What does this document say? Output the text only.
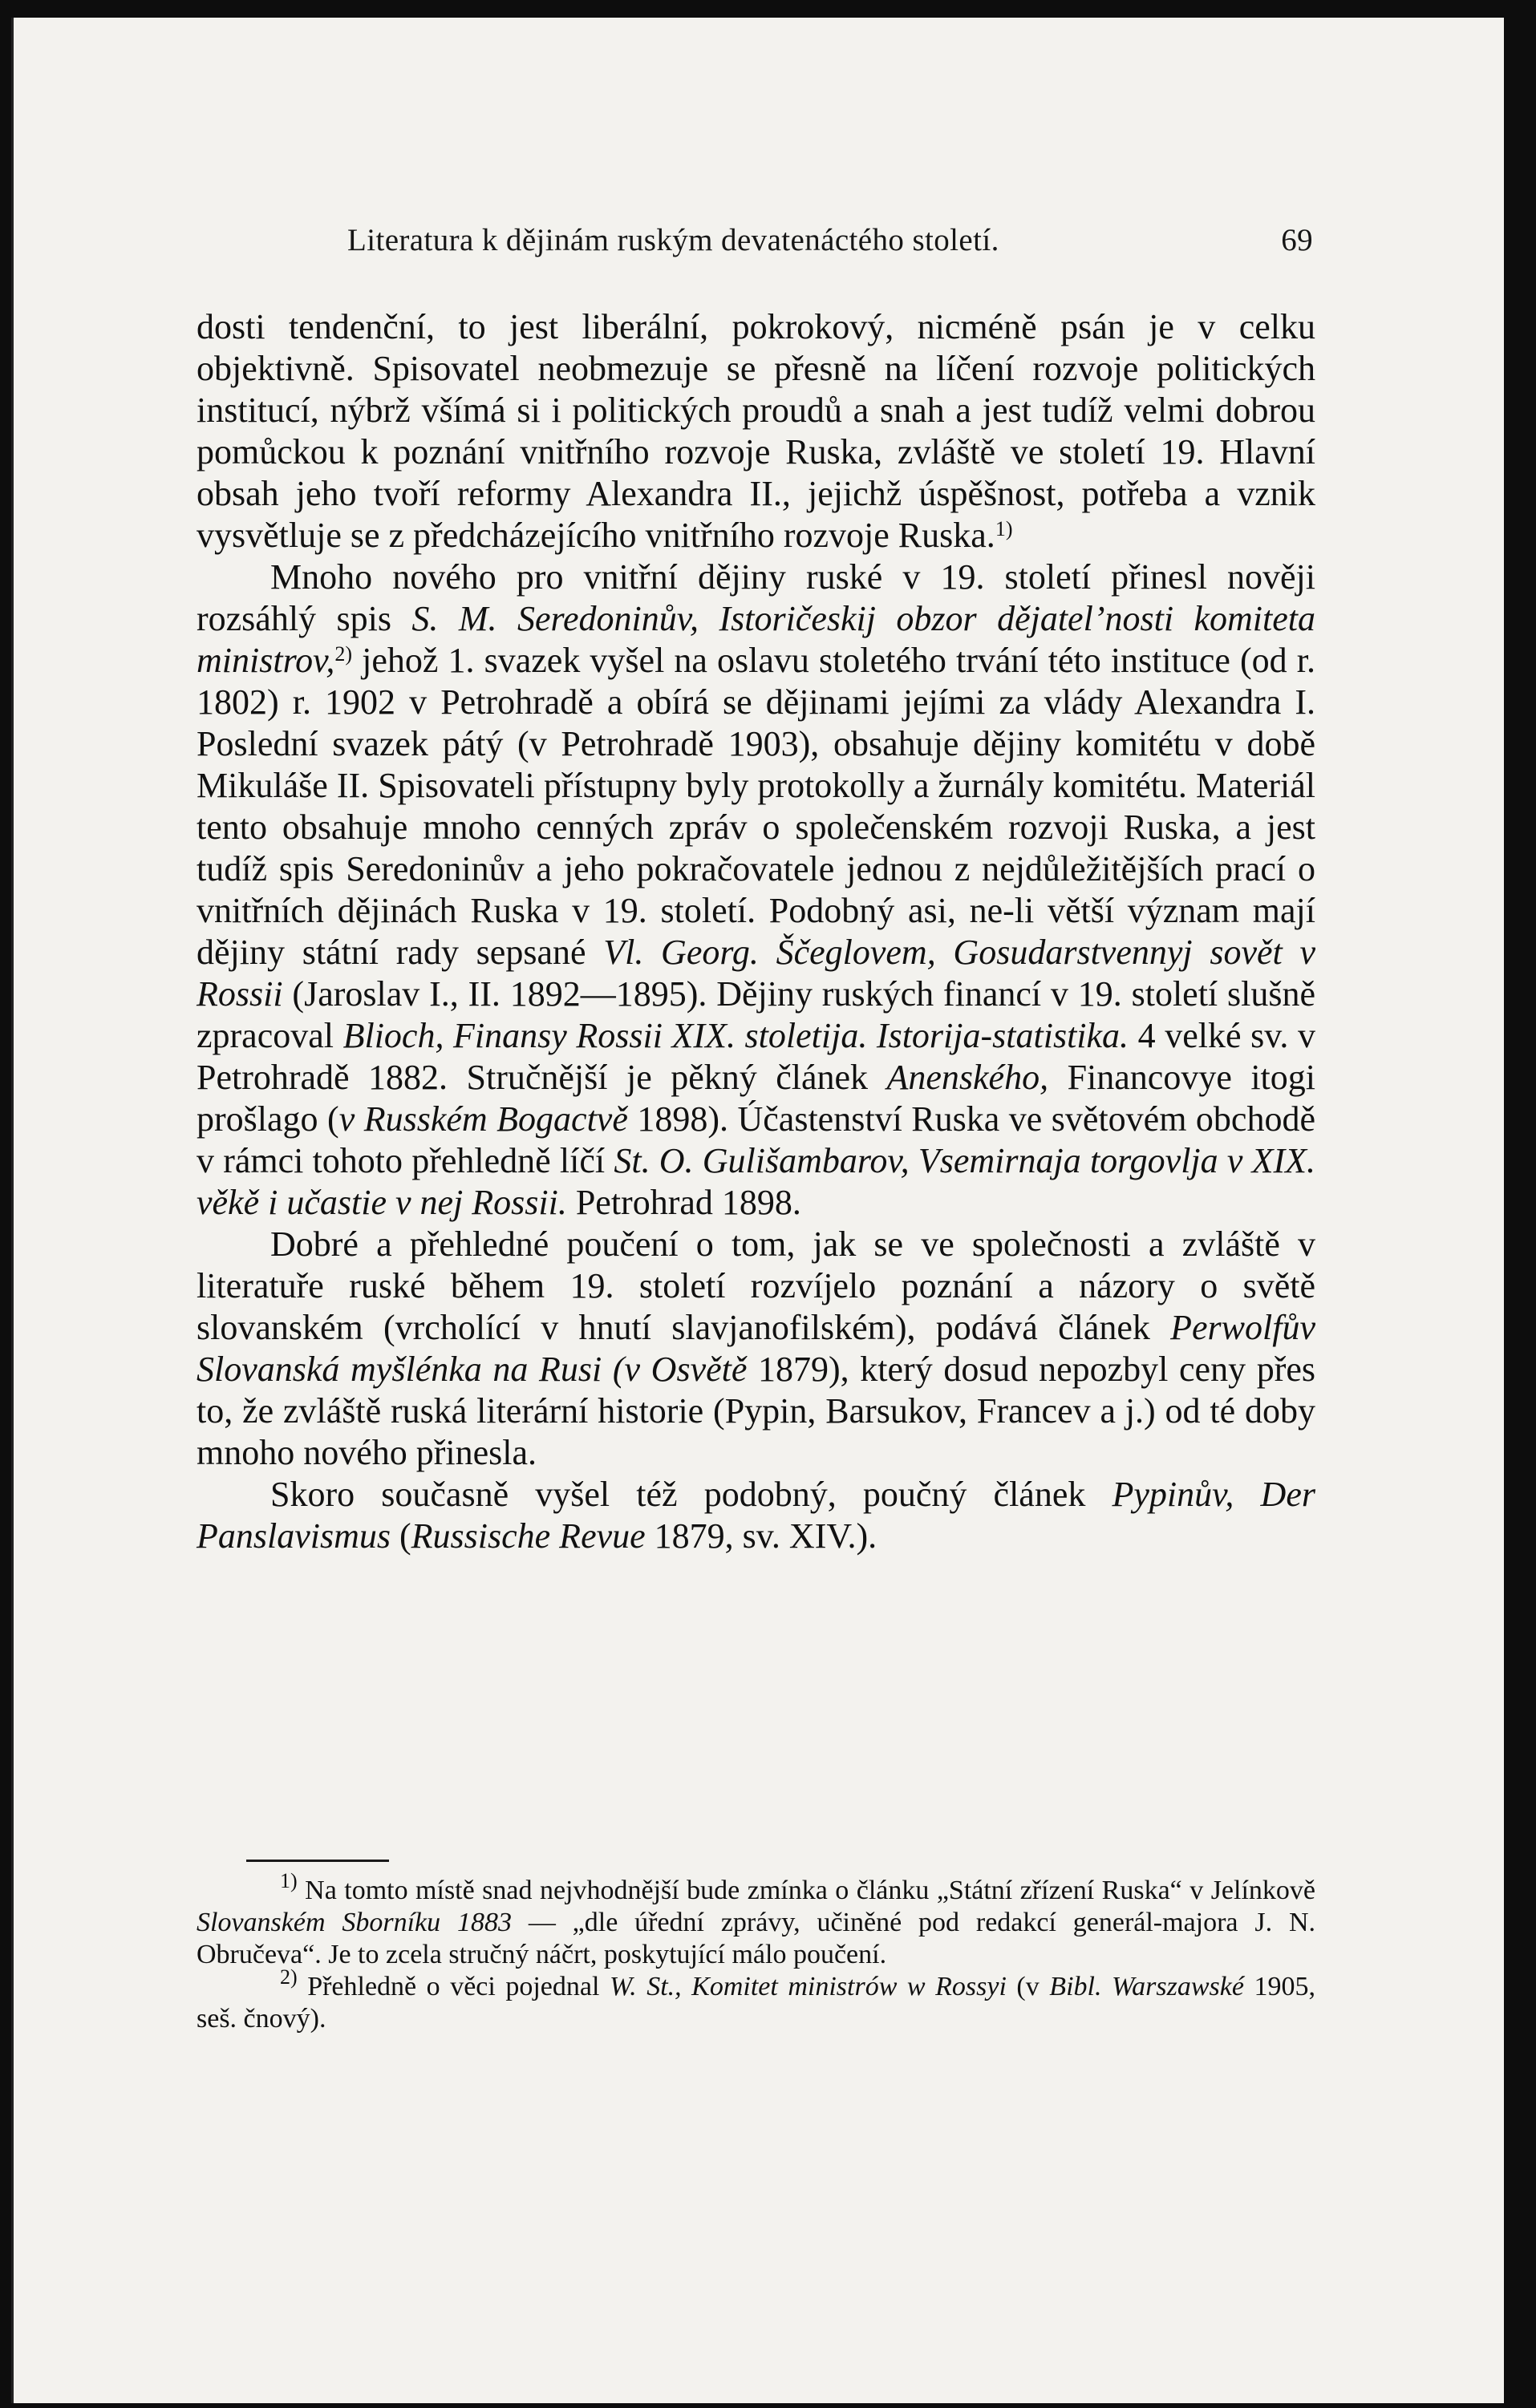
Literatura k dějinám ruským devatenáctého století.	69

dosti tendenční, to jest liberální, pokrokový, nicméně psán je v celku objektivně. Spisovatel neobmezuje se přesně na líčení rozvoje politických institucí, nýbrž všímá si i politických proudů a snah a jest tudíž velmi dobrou pomůckou k poznání vnitřního rozvoje Ruska, zvláště ve století 19. Hlavní obsah jeho tvoří reformy Alexandra II., jejichž úspěšnost, potřeba a vznik vysvětluje se z předcházejícího vnitřního rozvoje Ruska.$^{1)}$

Mnoho nového pro vnitřní dějiny ruské v 19. století přinesl nověji rozsáhlý spis S. M. Seredoninův, Istoričeskij obzor dějatel’nosti komiteta ministrov,$^{2)}$ jehož 1. svazek vyšel na oslavu stoletého trvání této instituce (od r. 1802) r. 1902 v Petrohradě a obírá se dějinami jejími za vlády Alexandra I. Poslední svazek pátý (v Petrohradě 1903), obsahuje dějiny komitétu v době Mikuláše II. Spisovateli přístupny byly protokolly a žurnály komitétu. Materiál tento obsahuje mnoho cenných zpráv o společenském rozvoji Ruska, a jest tudíž spis Seredoninův a jeho pokračovatele jednou z nejdůležitějších prací o vnitřních dějinách Ruska v 19. století. Podobný asi, ne-li větší význam mají dějiny státní rady sepsané Vl. Georg. Ščeglovem, Gosudarstvennyj sovět v Rossii (Jaroslav I., II. 1892—1895). Dějiny ruských financí v 19. století slušně zpracoval Blioch, Finansy Rossii XIX. stoletija. Istorija-statistika. 4 velké sv. v Petrohradě 1882. Stručnější je pěkný článek Anenského, Financovye itogi prošlago (v Rusském Bogactvě 1898). Účastenství Ruska ve světovém obchodě v rámci tohoto přehledně líčí St. O. Gulišambarov, Vsemirnaja torgovlja v XIX. věkě i učastie v nej Rossii. Petrohrad 1898.

Dobré a přehledné poučení o tom, jak se ve společnosti a zvláště v literatuře ruské během 19. století rozvíjelo poznání a názory o světě slovanském (vrcholící v hnutí slavjanofilském), podává článek Perwolfův Slovanská myšlénka na Rusi (v Osvětě 1879), který dosud nepozbyl ceny přes to, že zvláště ruská literární historie (Pypin, Barsukov, Francev a j.) od té doby mnoho nového přinesla.

Skoro současně vyšel též podobný, poučný článek Pypinův, Der Panslavismus (Russische Revue 1879, sv. XIV.).

$^{1)}$ Na tomto místě snad nejvhodnější bude zmínka o článku „Státní zřízení Ruska“ v Jelínkově Slovanském Sborníku 1883 — „dle úřední zprávy, učiněné pod redakcí generál-majora J. N. Obručeva“. Je to zcela stručný náčrt, poskytující málo poučení.

$^{2)}$ Přehledně o věci pojednal W. St., Komitet ministrów w Rossyi (v Bibl. Warszawské 1905, seš. čnový).
